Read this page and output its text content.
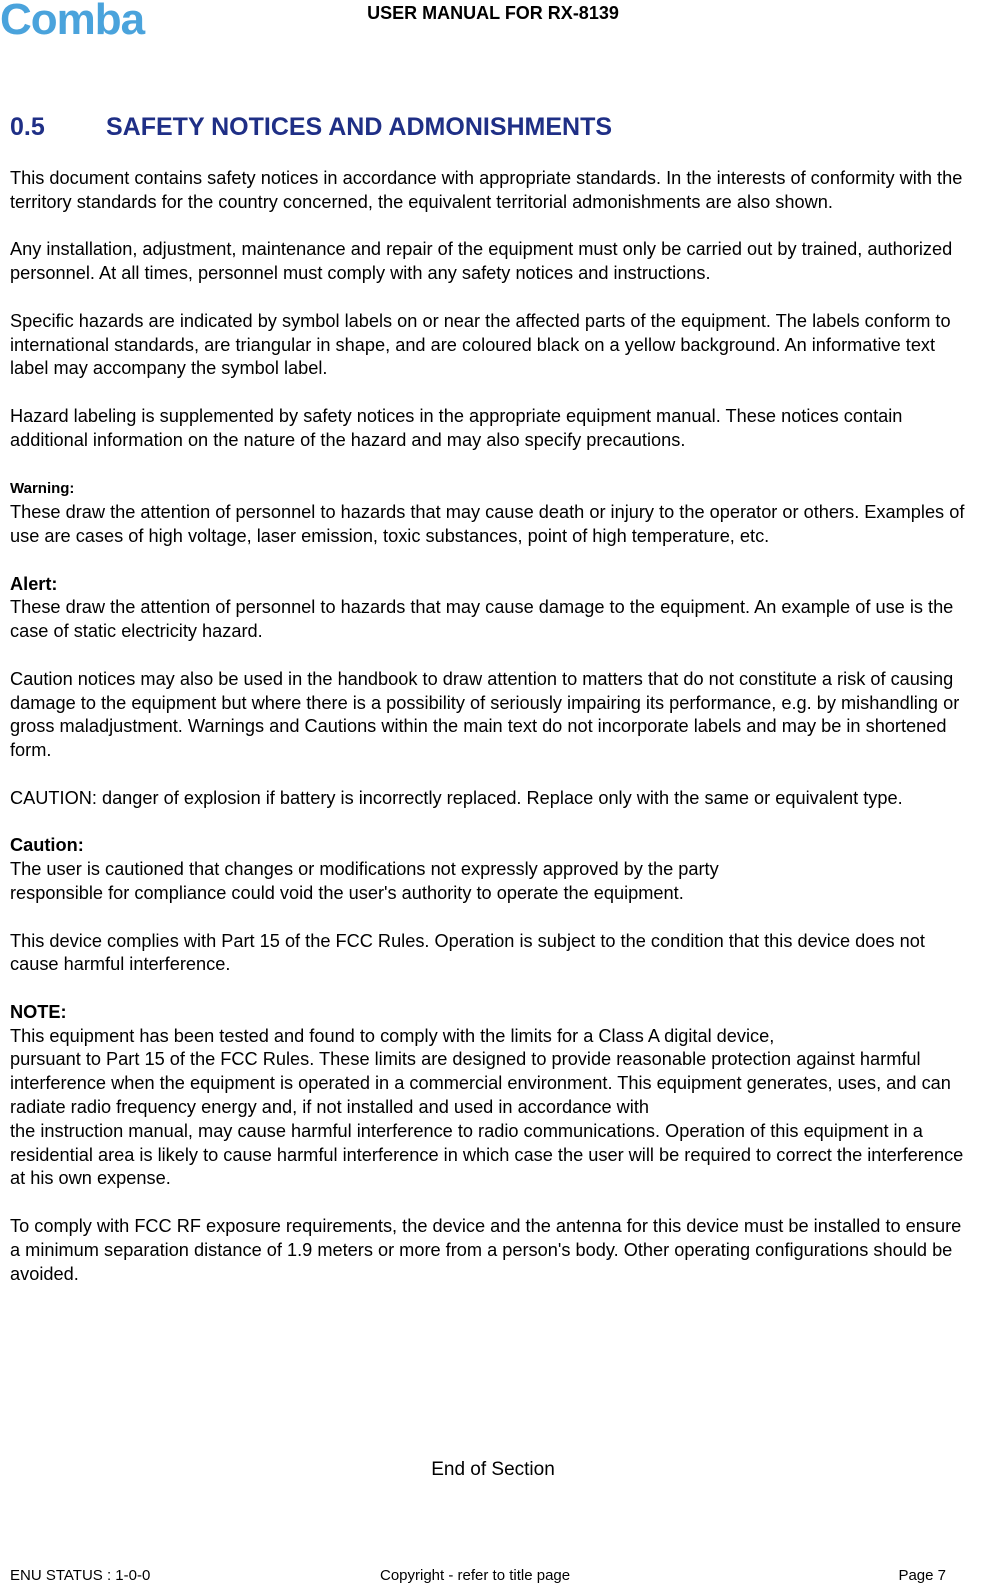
Comba	USER MANUAL FOR RX-8139
0.5 SAFETY NOTICES AND ADMONISHMENTS

This document contains safety notices in accordance with appropriate standards. In the interests of conformity with the territory standards for the country concerned, the equivalent territorial admonishments are also shown.

Any installation, adjustment, maintenance and repair of the equipment must only be carried out by trained, authorized personnel. At all times, personnel must comply with any safety notices and instructions.

Specific hazards are indicated by symbol labels on or near the affected parts of the equipment. The labels conform to international standards, are triangular in shape, and are coloured black on a yellow background. An informative text label may accompany the symbol label.

Hazard labeling is supplemented by safety notices in the appropriate equipment manual. These notices contain additional information on the nature of the hazard and may also specify precautions.

Warning:
These draw the attention of personnel to hazards that may cause death or injury to the operator or others. Examples of use are cases of high voltage, laser emission, toxic substances, point of high temperature, etc.

Alert:
These draw the attention of personnel to hazards that may cause damage to the equipment. An example of use is the case of static electricity hazard.

Caution notices may also be used in the handbook to draw attention to matters that do not constitute a risk of causing damage to the equipment but where there is a possibility of seriously impairing its performance, e.g. by mishandling or gross maladjustment. Warnings and Cautions within the main text do not incorporate labels and may be in shortened form.

CAUTION: danger of explosion if battery is incorrectly replaced. Replace only with the same or equivalent type.

Caution:
The user is cautioned that changes or modifications not expressly approved by the party
responsible for compliance could void the user's authority to operate the equipment.

This device complies with Part 15 of the FCC Rules. Operation is subject to the condition that this device does not cause harmful interference.

NOTE:
This equipment has been tested and found to comply with the limits for a Class A digital device,
pursuant to Part 15 of the FCC Rules. These limits are designed to provide reasonable protection against harmful interference when the equipment is operated in a commercial environment. This equipment generates, uses, and can radiate radio frequency energy and, if not installed and used in accordance with
the instruction manual, may cause harmful interference to radio communications. Operation of this equipment in a residential area is likely to cause harmful interference in which case the user will be required to correct the interference at his own expense.

To comply with FCC RF exposure requirements, the device and the antenna for this device must be installed to ensure a minimum separation distance of 1.9 meters or more from a person's body. Other operating configurations should be avoided.

End of Section
ENU STATUS : 1-0-0	Copyright - refer to title page	Page 7
